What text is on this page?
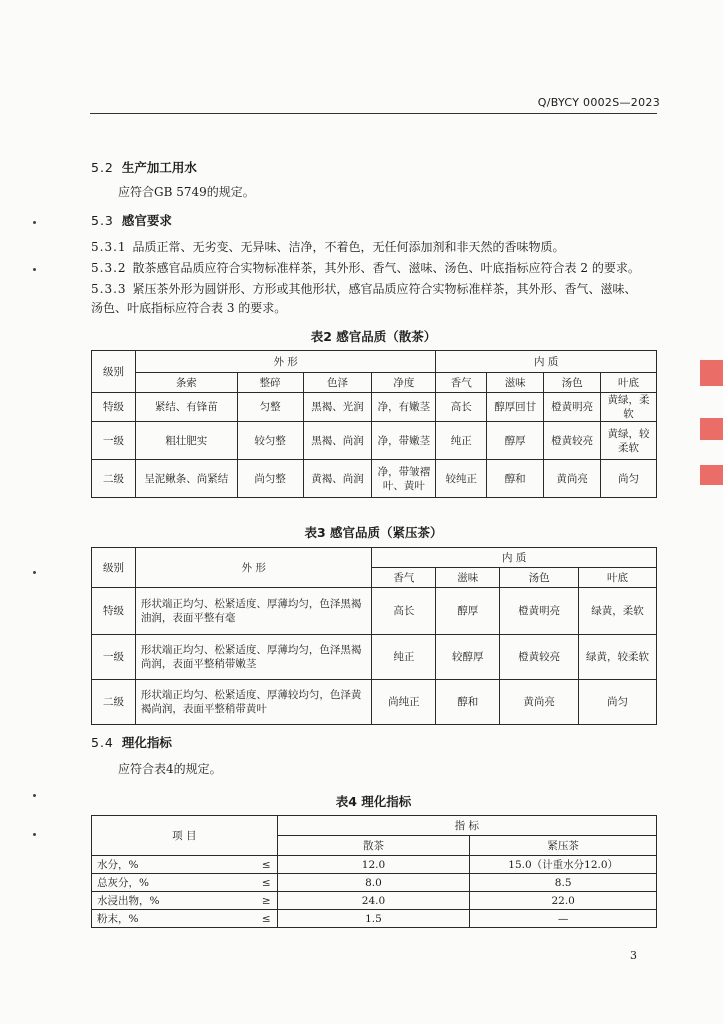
Q/BYCY 0002S—2023
5.2 生产加工用水
应符合GB 5749的规定。
5.3 感官要求
5.3.1 品质正常、无劣变、无异味、洁净，不着色，无任何添加剂和非天然的香味物质。
5.3.2 散茶感官品质应符合实物标准样茶，其外形、香气、滋味、汤色、叶底指标应符合表 2 的要求。
5.3.3 紧压茶外形为圆饼形、方形或其他形状，感官品质应符合实物标准样茶，其外形、香气、滋味、
汤色、叶底指标应符合表 3 的要求。
表2 感官品质（散茶）
级别	外 形				内 质			
	条索	整碎	色泽	净度	香气	滋味	汤色	叶底
特级	紧结、有锋苗	匀整	黑褐、光润	净，有嫩茎	高长	醇厚回甘	橙黄明亮	黄绿，柔软
一级	粗壮肥实	较匀整	黑褐、尚润	净，带嫩茎	纯正	醇厚	橙黄较亮	黄绿，较柔软
二级	呈泥鳅条、尚紧结	尚匀整	黄褐、尚润	净，带皱褶叶、黄叶	较纯正	醇和	黄尚亮	尚匀
表3 感官品质（紧压茶）
级别	外 形	内 质			
		香气	滋味	汤色	叶底
特级	形状端正均匀、松紧适度、厚薄均匀，色泽黑褐油润，表面平整有毫	高长	醇厚	橙黄明亮	绿黄，柔软
一级	形状端正均匀、松紧适度、厚薄均匀，色泽黑褐尚润，表面平整稍带嫩茎	纯正	较醇厚	橙黄较亮	绿黄，较柔软
二级	形状端正均匀、松紧适度、厚薄较均匀，色泽黄褐尚润，表面平整稍带黄叶	尚纯正	醇和	黄尚亮	尚匀
5.4 理化指标
应符合表4的规定。
表4 理化指标
项 目		指 标	
		散茶	紧压茶
水分，%	≤	12.0	15.0（计重水分12.0）
总灰分，%	≤	8.0	8.5
水浸出物，%	≥	24.0	22.0
粉末，%	≤	1.5	—
3
